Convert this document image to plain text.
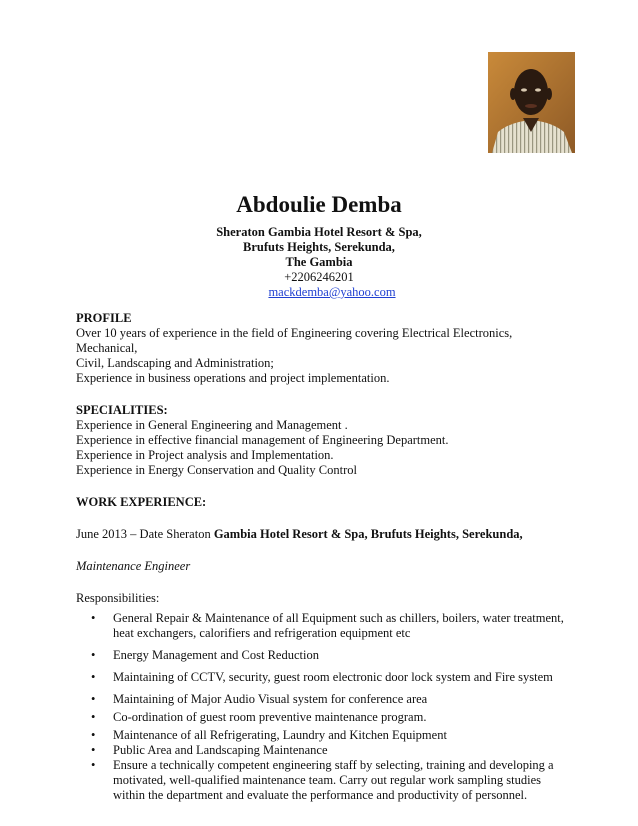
Abdoulie Demba
Sheraton Gambia Hotel Resort & Spa,
Brufuts Heights, Serekunda,
The Gambia
+2206246201
mackdemba@yahoo.com
PROFILE
Over 10 years of experience in the field of Engineering covering Electrical Electronics, Mechanical,
Civil, Landscaping and Administration;
Experience in business operations and project implementation.
SPECIALITIES:
Experience in General Engineering and Management .
Experience in effective financial management of Engineering Department.
Experience in Project analysis and Implementation.
Experience in Energy Conservation and Quality Control
WORK EXPERIENCE:
June 2013 – Date Sheraton Gambia Hotel Resort & Spa, Brufuts Heights, Serekunda,
Maintenance Engineer
Responsibilities:
• General Repair & Maintenance of all Equipment such as chillers, boilers, water treatment, heat exchangers, calorifiers and refrigeration equipment etc
• Energy Management and Cost Reduction
• Maintaining of CCTV, security, guest room electronic door lock system and Fire system
• Maintaining of Major Audio Visual system for conference area
• Co-ordination of guest room preventive maintenance program.
• Maintenance of all Refrigerating, Laundry and Kitchen Equipment
• Public Area and Landscaping Maintenance
• Ensure a technically competent engineering staff by selecting, training and developing a motivated, well-qualified maintenance team. Carry out regular work sampling studies within the department and evaluate the performance and productivity of personnel.
